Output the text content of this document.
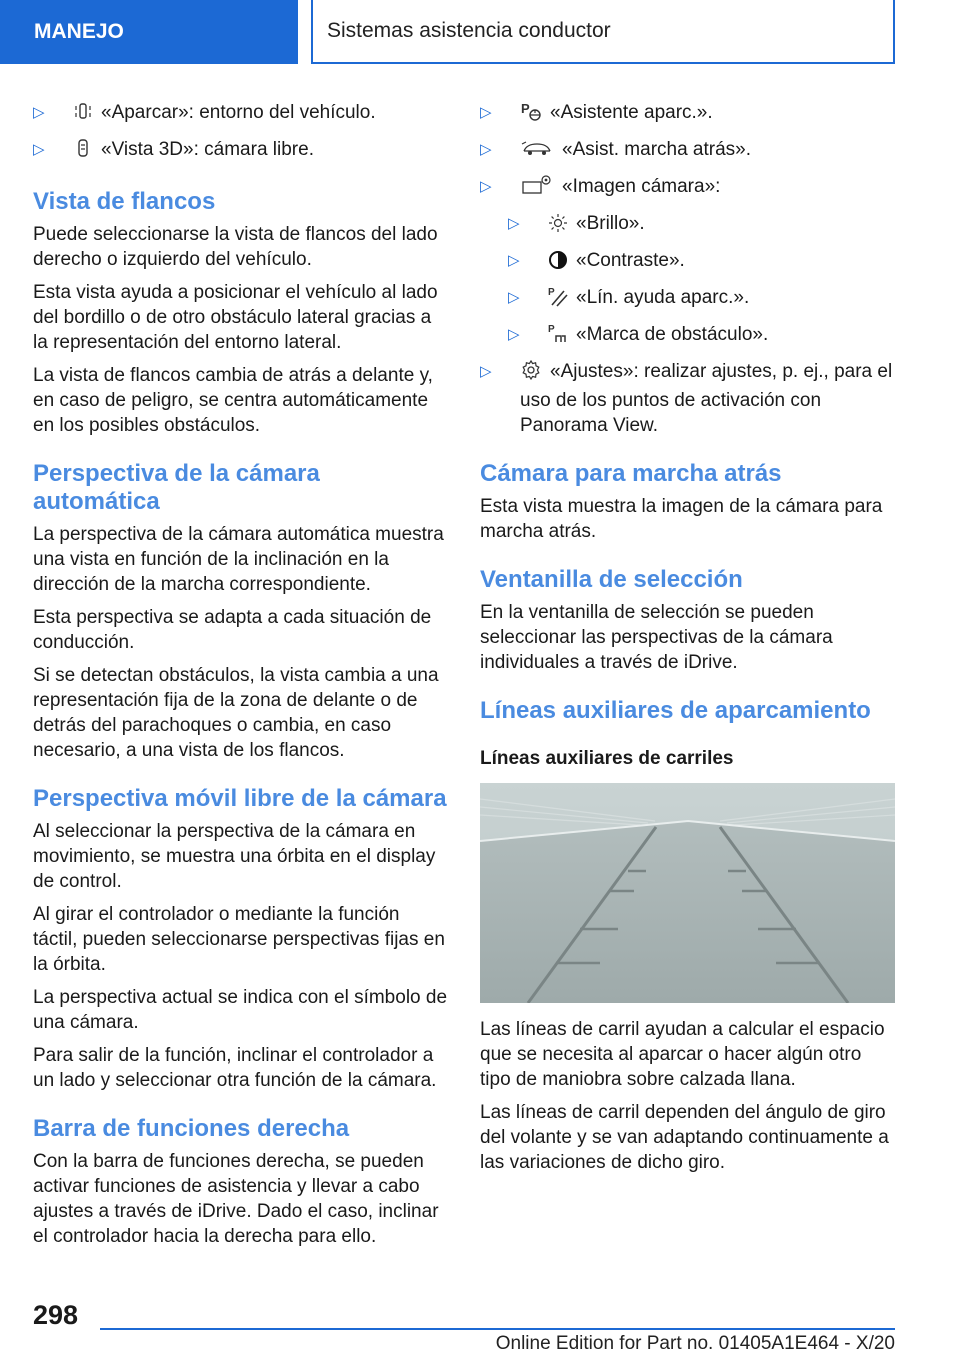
MANEJO	Sistemas asistencia conductor
▷	«Aparcar»: entorno del vehículo.
▷	«Vista 3D»: cámara libre.
Vista de flancos

Puede seleccionarse la vista de flancos del lado derecho o izquierdo del vehículo.

Esta vista ayuda a posicionar el vehículo al lado del bordillo o de otro obstáculo lateral gracias a la representación del entorno lateral.

La vista de flancos cambia de atrás a delante y, en caso de peligro, se centra automáticamente en los posibles obstáculos.

Perspectiva de la cámara automática

La perspectiva de la cámara automática muestra una vista en función de la inclinación en la dirección de la marcha correspondiente.

Esta perspectiva se adapta a cada situación de conducción.

Si se detectan obstáculos, la vista cambia a una representación fija de la zona de delante o de detrás del parachoques o cambia, en caso necesario, a una vista de los flancos.

Perspectiva móvil libre de la cámara

Al seleccionar la perspectiva de la cámara en movimiento, se muestra una órbita en el display de control.

Al girar el controlador o mediante la función táctil, pueden seleccionarse perspectivas fijas en la órbita.

La perspectiva actual se indica con el símbolo de una cámara.

Para salir de la función, inclinar el controlador a un lado y seleccionar otra función de la cámara.

Barra de funciones derecha

Con la barra de funciones derecha, se pueden activar funciones de asistencia y llevar a cabo ajustes a través de iDrive. Dado el caso, inclinar el controlador hacia la derecha para ello.

▷ P «Asistente aparc.».
▷	«Asist. marcha atrás».
▷	«Imagen cámara»:
▷	«Brillo».
▷	«Contraste».
▷	P «Lín. ayuda aparc.».
▷	P «Marca de obstáculo».
▷	«Ajustes»: realizar ajustes, p. ej., para el uso de los puntos de activación con Panorama View.
Cámara para marcha atrás

Esta vista muestra la imagen de la cámara para marcha atrás.

Ventanilla de selección

En la ventanilla de selección se pueden seleccionar las perspectivas de la cámara individuales a través de iDrive.

Líneas auxiliares de aparcamiento
Líneas auxiliares de carriles

Las líneas de carril ayudan a calcular el espacio que se necesita al aparcar o hacer algún otro tipo de maniobra sobre calzada llana.

Las líneas de carril dependen del ángulo de giro del volante y se van adaptando continuamente a las variaciones de dicho giro.

298
Online Edition for Part no. 01405A1E464 - X/20
